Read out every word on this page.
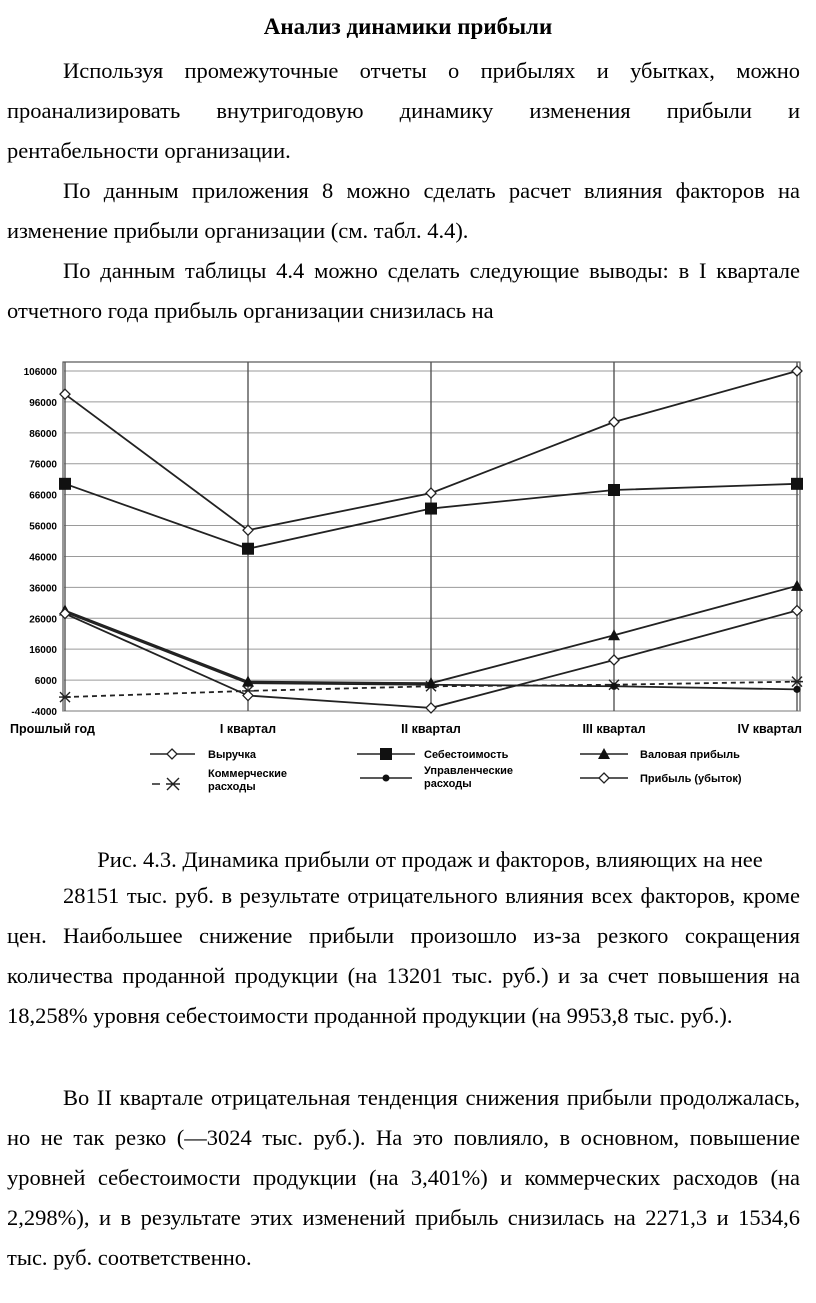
Анализ динамики прибыли

Используя промежуточные отчеты о прибылях и убытках, можно проанализировать внутригодовую динамику изменения прибыли и рентабельности организации.

По данным приложения 8 можно сделать расчет влияния факторов на изменение прибыли организации (см. табл. 4.4).

По данным таблицы 4.4 можно сделать следующие выводы: в I квартале отчетного года прибыль организации снизилась на

106000
96000
86000
76000
66000
56000
46000
36000
26000
16000
6000
-4000
Прошлый год	I квартал	II квартал	III квартал	IV квартал
Выручка	Себестоимость	Валовая прибыль
Коммерческие
расходы
Управленческие
расходы	Прибыль (убыток)
Рис. 4.3. Динамика прибыли от продаж и факторов, влияющих на нее

28151 тыс. руб. в результате отрицательного влияния всех факторов, кроме цен. Наибольшее снижение прибыли произошло из-за резкого сокращения количества проданной продукции (на 13201 тыс. руб.) и за счет повышения на 18,258% уровня себестоимости проданной продукции (на 9953,8 тыс. руб.).

Во II квартале отрицательная тенденция снижения прибыли продолжалась, но не так резко (—3024 тыс. руб.). На это повлияло, в основном, повышение уровней себестоимости продукции (на 3,401%) и коммерческих расходов (на 2,298%), и в результате этих изменений прибыль снизилась на 2271,3 и 1534,6 тыс. руб. соответственно.
